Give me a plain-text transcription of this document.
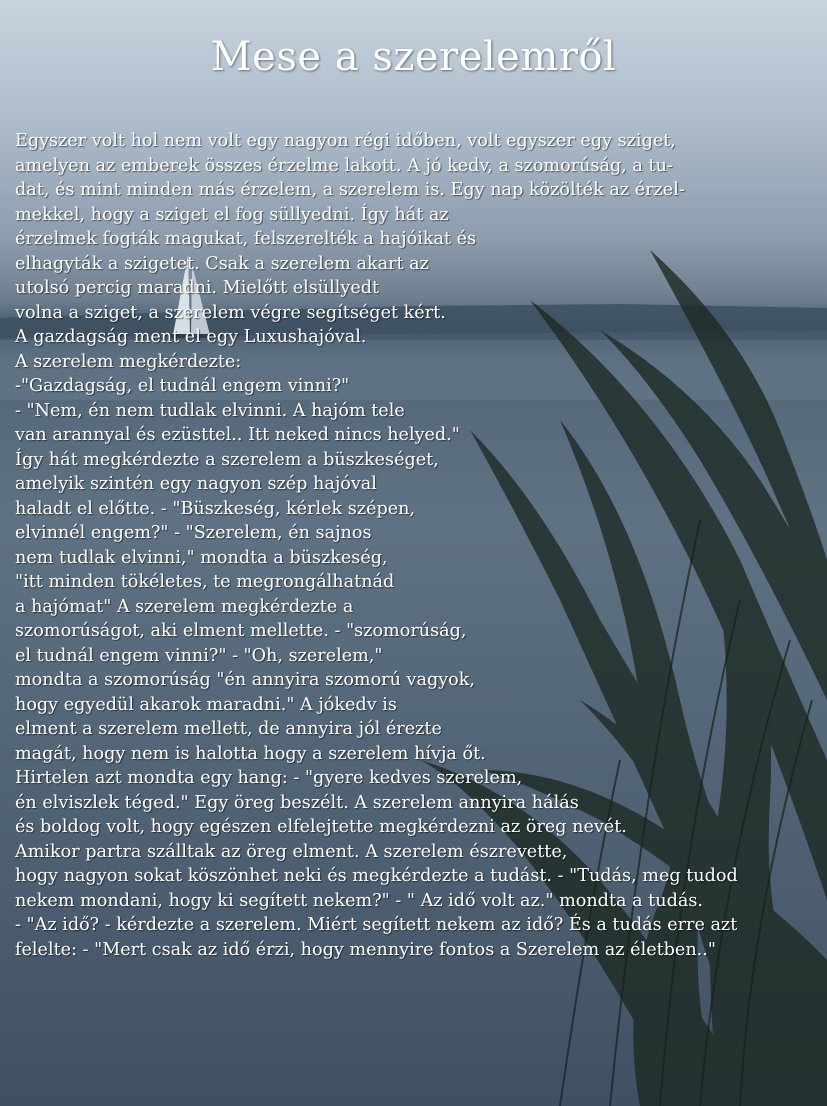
Mese a szerelemről
Egyszer volt hol nem volt egy nagyon régi időben, volt egyszer egy sziget,
amelyen az emberek összes érzelme lakott. A jó kedv, a szomorúság, a tu-
dat, és mint minden más érzelem, a szerelem is. Egy nap közölték az érzel-
mekkel, hogy a sziget el fog süllyedni. Így hát az
érzelmek fogták magukat, felszerelték a hajóikat és
elhagyták a szigetet. Csak a szerelem akart az
utolsó percig maradni. Mielőtt elsüllyedt
volna a sziget, a szerelem végre segítséget kért.
A gazdagság ment el egy Luxushajóval.
A szerelem megkérdezte:
-"Gazdagság, el tudnál engem vinni?"
- "Nem, én nem tudlak elvinni. A hajóm tele
van arannyal és ezüsttel.. Itt neked nincs helyed."
Így hát megkérdezte a szerelem a büszkeséget,
amelyik szintén egy nagyon szép hajóval
haladt el előtte. - "Büszkeség, kérlek szépen,
elvinnél engem?" - "Szerelem, én sajnos
nem tudlak elvinni," mondta a büszkeség,
"itt minden tökéletes, te megrongálhatnád
a hajómat" A szerelem megkérdezte a
szomorúságot, aki elment mellette. - "szomorúság,
el tudnál engem vinni?" - "Oh, szerelem,"
mondta a szomorúság "én annyira szomorú vagyok,
hogy egyedül akarok maradni." A jókedv is
elment a szerelem mellett, de annyira jól érezte
magát, hogy nem is halotta hogy a szerelem hívja őt.
Hirtelen azt mondta egy hang: - "gyere kedves szerelem,
én elviszlek téged." Egy öreg beszélt. A szerelem annyira hálás
és boldog volt, hogy egészen elfelejtette megkérdezni az öreg nevét.
Amikor partra szálltak az öreg elment. A szerelem észrevette,
hogy nagyon sokat köszönhet neki és megkérdezte a tudást. - "Tudás, meg tudod
nekem mondani, hogy ki segített nekem?" - " Az idő volt az." mondta a tudás.
- "Az idő? - kérdezte a szerelem. Miért segített nekem az idő? És a tudás erre azt
felelte: - "Mert csak az idő érzi, hogy mennyire fontos a Szerelem az életben.."
